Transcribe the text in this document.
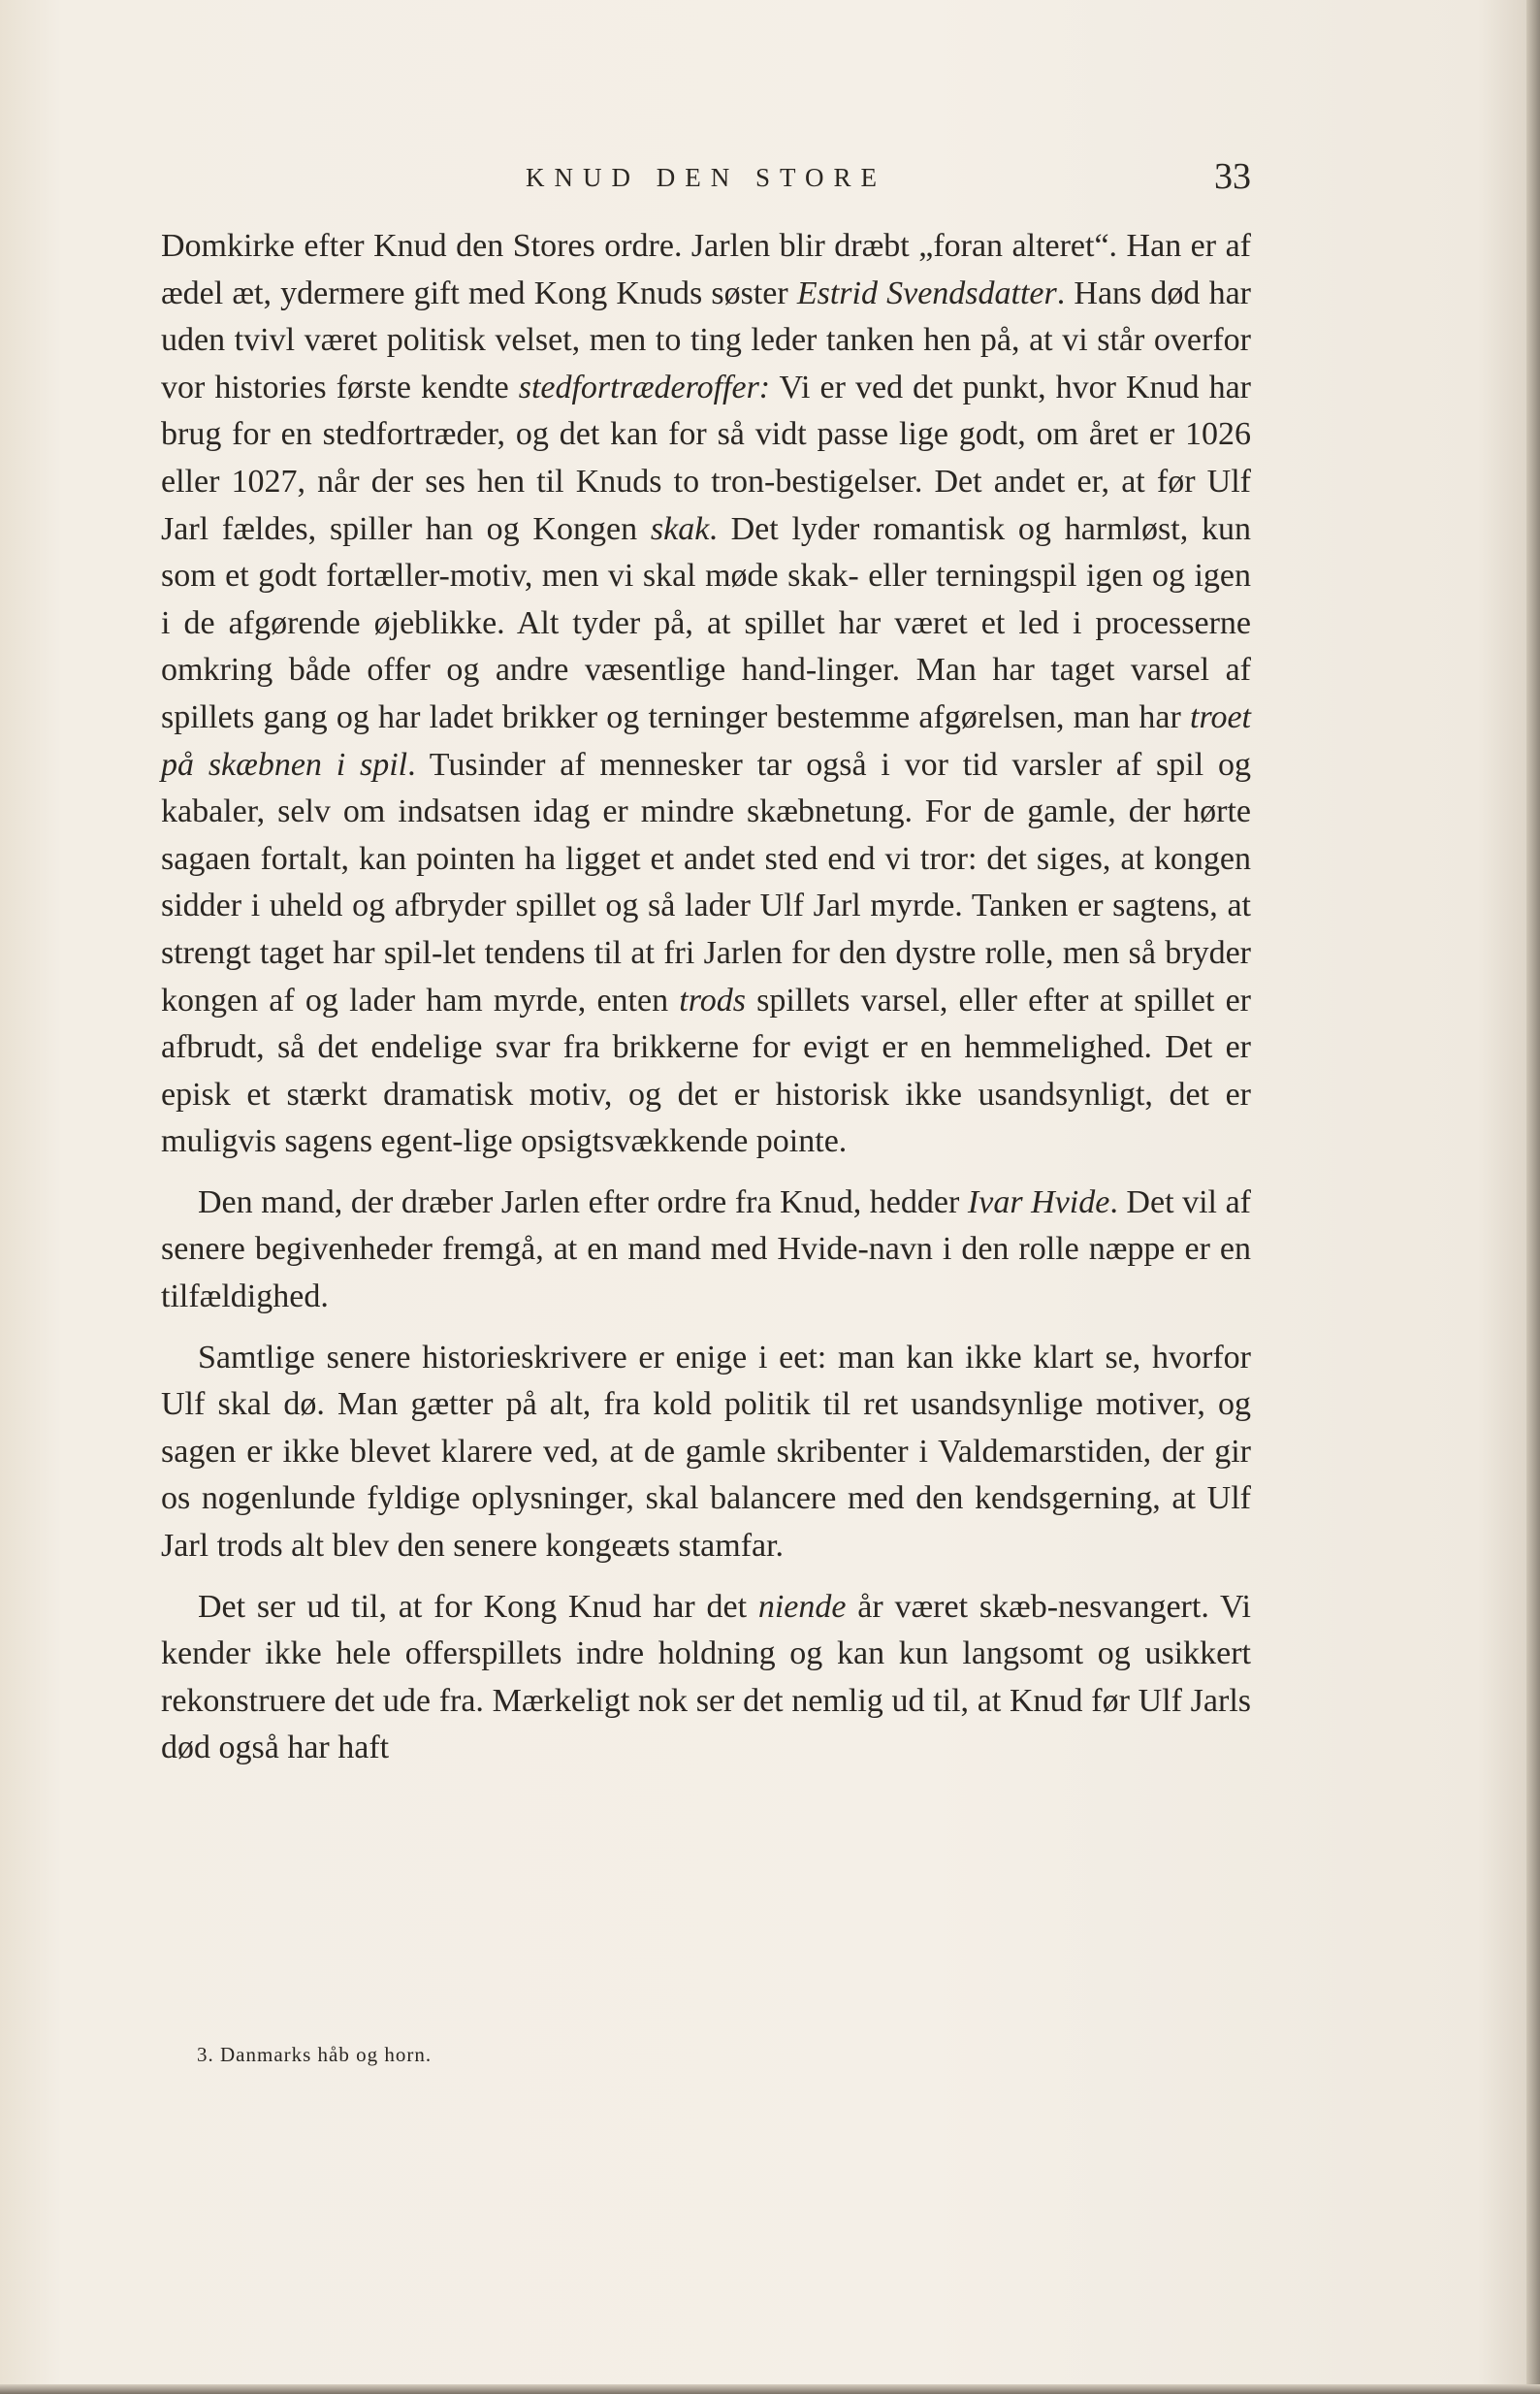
KNUD DEN STORE	33

Domkirke efter Knud den Stores ordre. Jarlen blir dræbt „foran alteret“. Han er af ædel æt, ydermere gift med Kong Knuds søster Estrid Svendsdatter. Hans død har uden tvivl været politisk velset, men to ting leder tanken hen på, at vi står overfor vor histories første kendte stedfortræderoffer: Vi er ved det punkt, hvor Knud har brug for en stedfortræder, og det kan for så vidt passe lige godt, om året er 1026 eller 1027, når der ses hen til Knuds to tron-bestigelser. Det andet er, at før Ulf Jarl fældes, spiller han og Kongen skak. Det lyder romantisk og harmløst, kun som et godt fortæller-motiv, men vi skal møde skak- eller terningspil igen og igen i de afgørende øjeblikke. Alt tyder på, at spillet har været et led i processerne omkring både offer og andre væsentlige hand-linger. Man har taget varsel af spillets gang og har ladet brikker og terninger bestemme afgørelsen, man har troet på skæbnen i spil. Tusinder af mennesker tar også i vor tid varsler af spil og kabaler, selv om indsatsen idag er mindre skæbnetung. For de gamle, der hørte sagaen fortalt, kan pointen ha ligget et andet sted end vi tror: det siges, at kongen sidder i uheld og afbryder spillet og så lader Ulf Jarl myrde. Tanken er sagtens, at strengt taget har spil-let tendens til at fri Jarlen for den dystre rolle, men så bryder kongen af og lader ham myrde, enten trods spillets varsel, eller efter at spillet er afbrudt, så det endelige svar fra brikkerne for evigt er en hemmelighed. Det er episk et stærkt dramatisk motiv, og det er historisk ikke usandsynligt, det er muligvis sagens egent-lige opsigtsvækkende pointe.

Den mand, der dræber Jarlen efter ordre fra Knud, hedder Ivar Hvide. Det vil af senere begivenheder fremgå, at en mand med Hvide-navn i den rolle næppe er en tilfældighed.

Samtlige senere historieskrivere er enige i eet: man kan ikke klart se, hvorfor Ulf skal dø. Man gætter på alt, fra kold politik til ret usandsynlige motiver, og sagen er ikke blevet klarere ved, at de gamle skribenter i Valdemarstiden, der gir os nogenlunde fyldige oplysninger, skal balancere med den kendsgerning, at Ulf Jarl trods alt blev den senere kongeæts stamfar.

Det ser ud til, at for Kong Knud har det niende år været skæb-nesvangert. Vi kender ikke hele offerspillets indre holdning og kan kun langsomt og usikkert rekonstruere det ude fra. Mærkeligt nok ser det nemlig ud til, at Knud før Ulf Jarls død også har haft

3. Danmarks håb og horn.
